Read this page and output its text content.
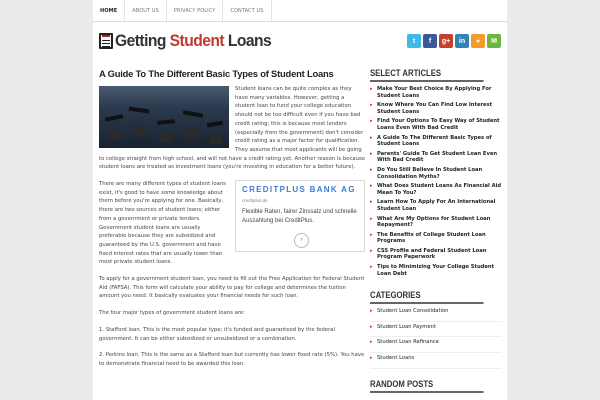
HOME	ABOUT US	PRIVACY POLICY	CONTACT US
Getting Student Loans	t	f	g+	in	●	✉
A Guide To The Different Basic Types of Student Loans

Student loans can be quite complex as they have many variables. However, getting a student loan to fund your college education should not be too difficult even if you have bad credit rating; this is because most lenders (especially from the government) don't consider credit rating as a major factor for qualification. They assume that most applicants will be going to college straight from high school, and will not have a credit rating yet. Another reason is because student loans are treated as investment loans (you're investing in education for a better future).

CREDITPLUS BANK AG
creditplus.de
Flexible Raten, fairer Zinssatz und schnelle Auszahlung bei CreditPlus.
›

There are many different types of student loans exist, it's good to have some knowledge about them before you're applying for one. Basically, there are two sources of student loans; either from a government or private lenders. Government student loans are usually preferable because they are subsidized and guaranteed by the U.S. government and have fixed interest rates that are usually lower than most private student loans.

To apply for a government student loan, you need to fill out the Free Application for Federal Student Aid (FAFSA). This form will calculate your ability to pay for college and determines the tuition amount you need. It basically evaluates your financial needs for such loan.

The four major types of government student loans are:

1. Stafford loan. This is the most popular type; it's funded and guaranteed by the federal government. It can be either subsidized or unsubsidized or a combination.

2. Perkins loan. This is the same as a Stafford loan but currently has lower fixed rate (5%). You have to demonstrate financial need to be awarded this loan.

SELECT ARTICLES
▸ Make Your Best Choice By Applying For Student Loans
▸ Know Where You Can Find Low Interest Student Loans
▸ Find Your Options To Easy Way of Student Loans Even With Bad Credit
▸ A Guide To The Different Basic Types of Student Loans
▸ Parents' Guide To Get Student Loan Even With Bad Credit
▸ Do You Still Believe In Student Loan Consolidation Myths?
▸ What Does Student Loans As Financial Aid Mean To You?
▸ Learn How To Apply For An International Student Loan
▸ What Are My Options for Student Loan Repayment?
▸ The Benefits of College Student Loan Programs
▸ CSS Profile and Federal Student Loan Program Paperwork
▸ Tips to Minimizing Your College Student Loan Debt
CATEGORIES
▸ Student Loan Consolidation
▸ Student Loan Payment
▸ Student Loan Refinance
▸ Student Loans
RANDOM POSTS
